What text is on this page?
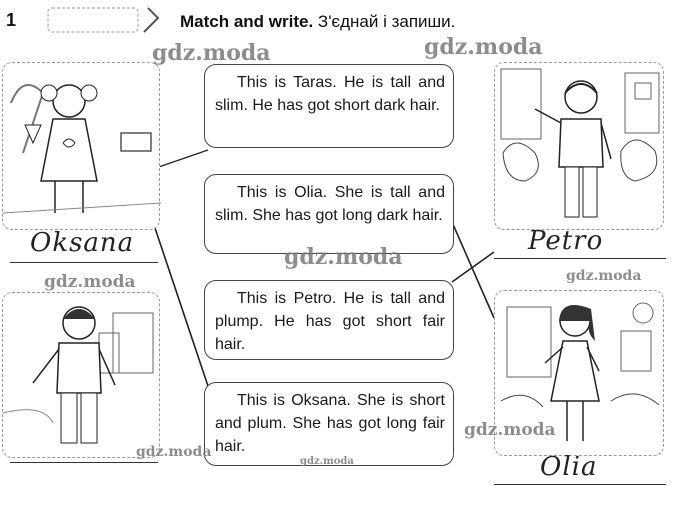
1	Match and write. З'єднай і запиши.
Oksana
This is Taras. He is tall and slim. He has got short dark hair.
This is Olia. She is tall and slim. She has got long dark hair.
This is Petro. He is tall and plump. He has got short fair hair.
This is Oksana. She is short and plum. She has got long fair hair.
Petro
Olia
gdz.moda	gdz.moda
gdz.moda
gdz.moda	gdz.moda
gdz.moda
gdz.moda
gdz.moda
